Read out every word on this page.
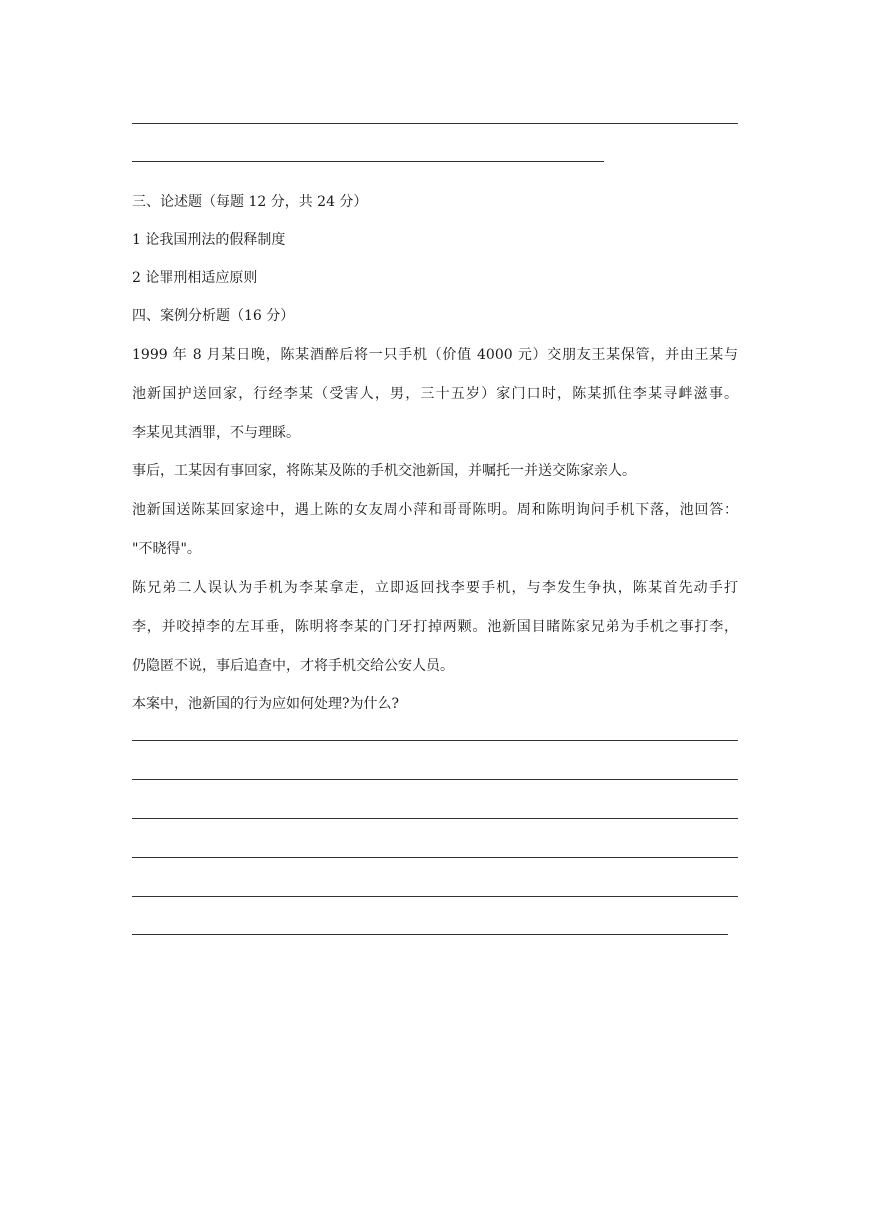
三、论述题（每题 12 分，共 24 分）
1 论我国刑法的假释制度
2 论罪刑相适应原则
四、案例分析题（16 分）
1999 年 8 月某日晚，陈某酒醉后将一只手机（价值 4000 元）交朋友王某保管，并由王某与
池新国护送回家，行经李某（受害人，男，三十五岁）家门口时，陈某抓住李某寻衅滋事。
李某见其酒罪，不与理睬。
事后，工某因有事回家，将陈某及陈的手机交池新国，并嘱托一并送交陈家亲人。
池新国送陈某回家途中，遇上陈的女友周小萍和哥哥陈明。周和陈明询问手机下落，池回答：
"不晓得"。
陈兄弟二人误认为手机为李某拿走，立即返回找李要手机，与李发生争执，陈某首先动手打
李，并咬掉李的左耳垂，陈明将李某的门牙打掉两颗。池新国目睹陈家兄弟为手机之事打李，
仍隐匿不说，事后追查中，才将手机交给公安人员。
本案中，池新国的行为应如何处理?为什么?
